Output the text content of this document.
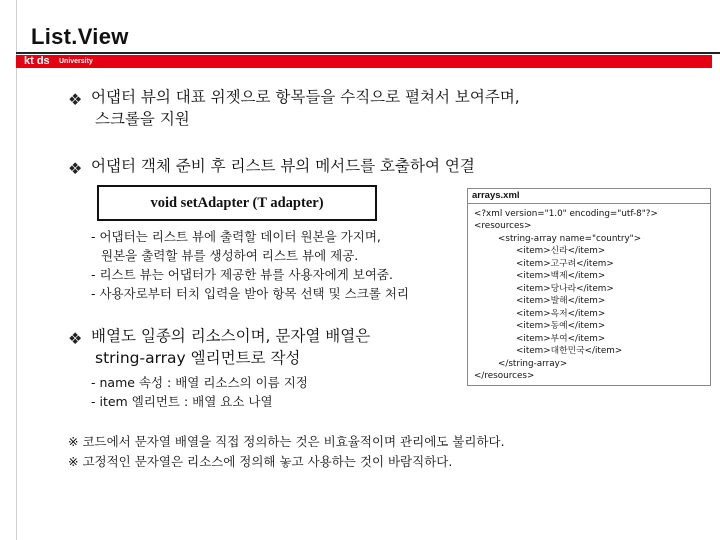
List.View
kt ds University
❖ 어댑터 뷰의 대표 위젯으로 항목들을 수직으로 펼쳐서 보여주며,
스크롤을 지원
❖ 어댑터 객체 준비 후 리스트 뷰의 메서드를 호출하여 연결
void setAdapter (T adapter)
- 어댑터는 리스트 뷰에 출력할 데이터 원본을 가지며,
원본을 출력할 뷰를 생성하여 리스트 뷰에 제공.
- 리스트 뷰는 어댑터가 제공한 뷰를 사용자에게 보여줌.
- 사용자로부터 터치 입력을 받아 항목 선택 및 스크롤 처리
❖ 배열도 일종의 리소스이며, 문자열 배열은
string-array 엘리먼트로 작성
- name 속성 : 배열 리소스의 이름 지정
- item 엘리먼트 : 배열 요소 나열
arrays.xml
<?xml version="1.0" encoding="utf-8"?>
<resources>
<string-array name="country">
<item>신라</item>
<item>고구려</item>
<item>백제</item>
<item>당나라</item>
<item>발해</item>
<item>옥저</item>
<item>동예</item>
<item>부여</item>
<item>대한민국</item>
</string-array>
</resources>
※ 코드에서 문자열 배열을 직접 정의하는 것은 비효율적이며 관리에도 불리하다.
※ 고정적인 문자열은 리소스에 정의해 놓고 사용하는 것이 바람직하다.
